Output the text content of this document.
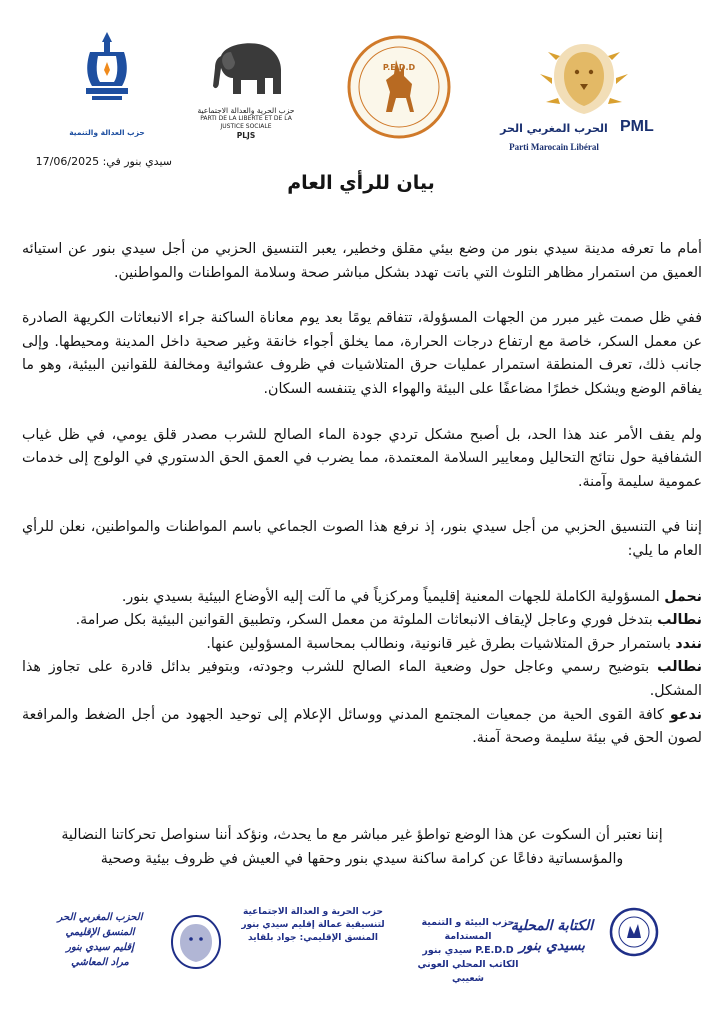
الحرب المغربي الحر
Parti Marocain Libéral
PML
P.E.D.D
حزب الحرية والعدالة الاجتماعية
PARTI DE LA LIBERTE ET DE LA JUSTICE SOCIALE
PLJS
حزب العدالة والتنمية
سيدي بنور في: 17/06/2025
بيان للرأي العام

أمام ما تعرفه مدينة سيدي بنور من وضع بيئي مقلق وخطير، يعبر التنسيق الحزبي من أجل سيدي بنور عن استيائه العميق من استمرار مظاهر التلوث التي باتت تهدد بشكل مباشر صحة وسلامة المواطنات والمواطنين.

ففي ظل صمت غير مبرر من الجهات المسؤولة، تتفاقم يومًا بعد يوم معاناة الساكنة جراء الانبعاثات الكريهة الصادرة عن معمل السكر، خاصة مع ارتفاع درجات الحرارة، مما يخلق أجواء خانقة وغير صحية داخل المدينة ومحيطها. وإلى جانب ذلك، تعرف المنطقة استمرار عمليات حرق المتلاشيات في ظروف عشوائية ومخالفة للقوانين البيئية، وهو ما يفاقم الوضع ويشكل خطرًا مضاعفًا على البيئة والهواء الذي يتنفسه السكان.

ولم يقف الأمر عند هذا الحد، بل أصبح مشكل تردي جودة الماء الصالح للشرب مصدر قلق يومي، في ظل غياب الشفافية حول نتائج التحاليل ومعايير السلامة المعتمدة، مما يضرب في العمق الحق الدستوري في الولوج إلى خدمات عمومية سليمة وآمنة.

إننا في التنسيق الحزبي من أجل سيدي بنور، إذ نرفع هذا الصوت الجماعي باسم المواطنات والمواطنين، نعلن للرأي العام ما يلي:

نحمل المسؤولية الكاملة للجهات المعنية إقليمياً ومركزياً في ما آلت إليه الأوضاع البيئية بسيدي بنور.
نطالب بتدخل فوري وعاجل لإيقاف الانبعاثات الملوثة من معمل السكر، وتطبيق القوانين البيئية بكل صرامة.
نندد باستمرار حرق المتلاشيات بطرق غير قانونية، ونطالب بمحاسبة المسؤولين عنها.
نطالب بتوضيح رسمي وعاجل حول وضعية الماء الصالح للشرب وجودته، وبتوفير بدائل قادرة على تجاوز هذا المشكل.
ندعو كافة القوى الحية من جمعيات المجتمع المدني ووسائل الإعلام إلى توحيد الجهود من أجل الضغط والمرافعة لصون الحق في بيئة سليمة وصحة آمنة.

إننا نعتبر أن السكوت عن هذا الوضع تواطؤ غير مباشر مع ما يحدث، ونؤكد أننا سنواصل تحركاتنا النضالية والمؤسساتية دفاعًا عن كرامة ساكنة سيدي بنور وحقها في العيش في ظروف بيئية وصحية
الكتابة المحلية
بسيدي بنور
حزب البيئة و التنمية المستدامة
P.E.D.D سيدي بنور
الكاتب المحلي العوني شعيبي
حزب الحرية و العدالة الاجتماعية
لتنسيقية عمالة إقليم سيدي بنور
المنسق الإقليمي: جواد بلقايد
الحزب المغربي الحر
المنسق الإقليمي
إقليم سيدي بنور
مراد المعاشي
